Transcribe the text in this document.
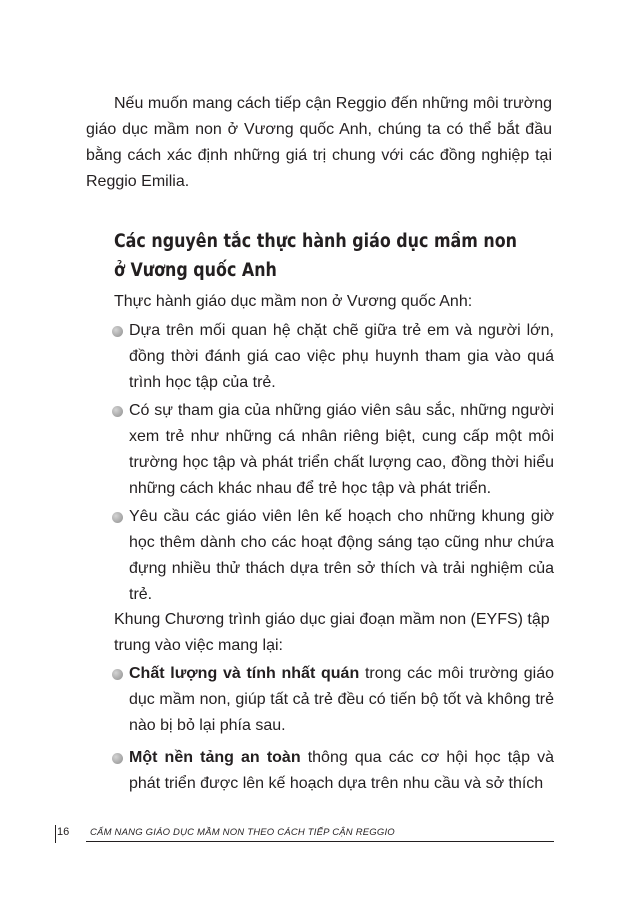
Nếu muốn mang cách tiếp cận Reggio đến những môi trường giáo dục mầm non ở Vương quốc Anh, chúng ta có thể bắt đầu bằng cách xác định những giá trị chung với các đồng nghiệp tại Reggio Emilia.

Các nguyên tắc thực hành giáo dục mầm non
ở Vương quốc Anh

Thực hành giáo dục mầm non ở Vương quốc Anh:

Dựa trên mối quan hệ chặt chẽ giữa trẻ em và người lớn, đồng thời đánh giá cao việc phụ huynh tham gia vào quá trình học tập của trẻ.
Có sự tham gia của những giáo viên sâu sắc, những người xem trẻ như những cá nhân riêng biệt, cung cấp một môi trường học tập và phát triển chất lượng cao, đồng thời hiểu những cách khác nhau để trẻ học tập và phát triển.
Yêu cầu các giáo viên lên kế hoạch cho những khung giờ học thêm dành cho các hoạt động sáng tạo cũng như chứa đựng nhiều thử thách dựa trên sở thích và trải nghiệm của trẻ.

Khung Chương trình giáo dục giai đoạn mầm non (EYFS) tập trung vào việc mang lại:

Chất lượng và tính nhất quán trong các môi trường giáo dục mầm non, giúp tất cả trẻ đều có tiến bộ tốt và không trẻ nào bị bỏ lại phía sau.
Một nền tảng an toàn thông qua các cơ hội học tập và phát triển được lên kế hoạch dựa trên nhu cầu và sở thích
16	CẨM NANG GIÁO DỤC MẦM NON THEO CÁCH TIẾP CẬN REGGIO
